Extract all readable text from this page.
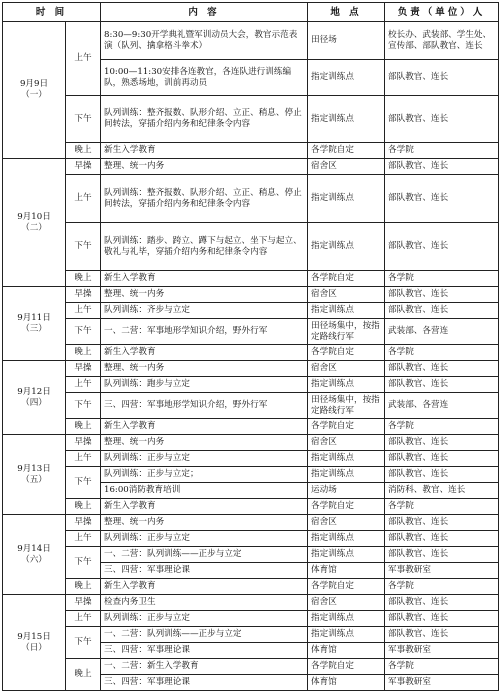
时 间		内 容	地 点	负责（单位）人

9月9日
（一）	上午	8:30—9:30开学典礼暨军训动员大会，教官示范表演（队列、擒拿格斗拳术）	田径场	校长办、武装部、学生处、宣传部、部队教官、连长
		10:00—11:30安排各连教官，各连队进行训练编队，熟悉场地，训前再动员	指定训练点	部队教官、连长
	下午	队列训练：整齐报数、队形介绍、立正、稍息、停止间转法，穿插介绍内务和纪律条令内容	指定训练点	部队教官、连长
	晚上	新生入学教育	各学院自定	各学院

9月10日
（二）	早操	整理、统一内务	宿舍区	部队教官、连长
	上午	队列训练：整齐报数、队形介绍、立正、稍息、停止间转法，穿插介绍内务和纪律条令内容	指定训练点	部队教官、连长
	下午	队列训练：踏步、跨立、蹲下与起立、坐下与起立、敬礼与礼毕，穿插介绍内务和纪律条令内容	指定训练点	部队教官、连长
	晚上	新生入学教育	各学院自定	各学院

9月11日
（三）	早操	整理、统一内务	宿舍区	部队教官、连长
	上午	队列训练：齐步与立定	指定训练点	部队教官、连长
	下午	一、二营：军事地形学知识介绍，野外行军	田径场集中，按指定路线行军	武装部、各营连
	晚上	新生入学教育	各学院自定	各学院

9月12日
（四）	早操	整理、统一内务	宿舍区	部队教官、连长
	上午	队列训练：跑步与立定	指定训练点	部队教官、连长
	下午	三、四营：军事地形学知识介绍，野外行军	田径场集中，按指定路线行军	武装部、各营连
	晚上	新生入学教育	各学院自定	各学院

9月13日
（五）	早操	整理、统一内务	宿舍区	部队教官、连长
	上午	队列训练：正步与立定	指定训练点	部队教官、连长
	下午	队列训练：正步与立定；	指定训练点	部队教官、连长
		16:00消防教育培训	运动场	消防科、教官、连长
	晚上	新生入学教育	各学院自定	各学院

9月14日
（六）	早操	整理、统一内务	宿舍区	部队教官、连长
	上午	队列训练：正步与立定	指定训练点	部队教官、连长
	下午	一、二营：队列训练——正步与立定	指定训练点	部队教官、连长
		三、四营：军事理论课	体育馆	军事教研室
	晚上	新生入学教育	各学院自定	各学院

9月15日
（日）	早操	检查内务卫生	宿舍区	部队教官、连长
	上午	队列训练：正步与立定	指定训练点	部队教官、连长
	下午	一、二营：队列训练——正步与立定	指定训练点	部队教官、连长
		三、四营：军事理论课	体育馆	军事教研室
	晚上	一、二营：新生入学教育	各学院自定	各学院
		三、四营：军事理论课	体育馆	军事教研室
